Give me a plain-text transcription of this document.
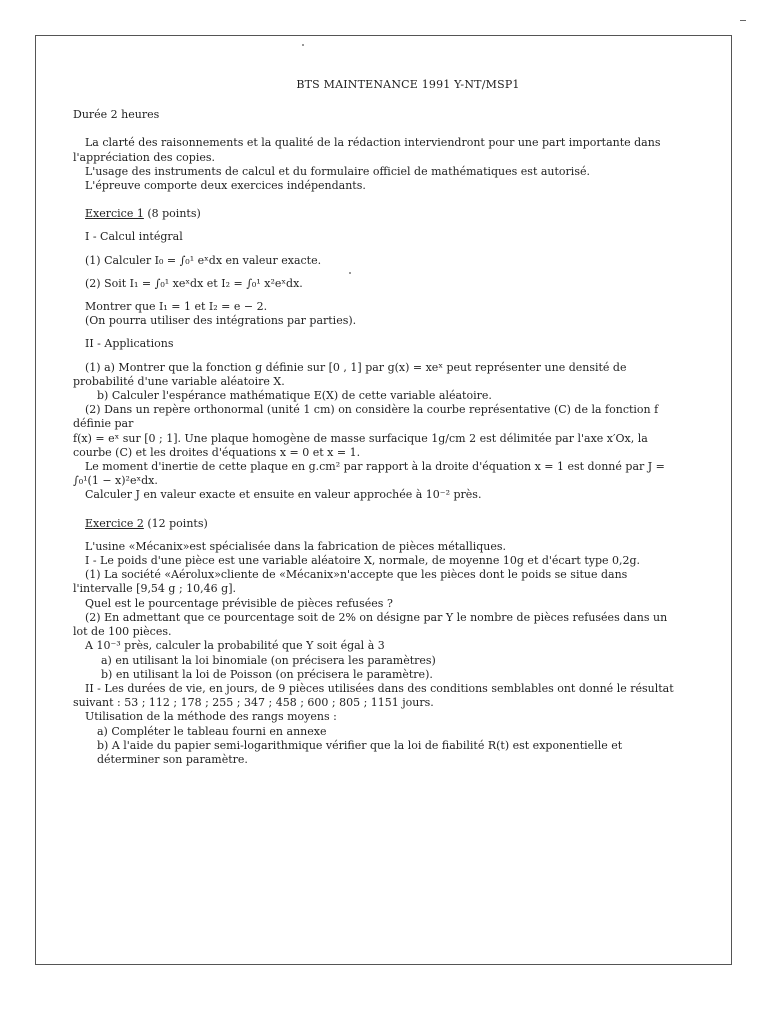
BTS MAINTENANCE 1991 Y-NT/MSP1

Durée 2 heures

La clarté des raisonnements et la qualité de la rédaction interviendront pour une part importante dans l'appréciation des copies.

L'usage des instruments de calcul et du formulaire officiel de mathématiques est autorisé.

L'épreuve comporte deux exercices indépendants.

Exercice 1 (8 points)

I - Calcul intégral

(1) Calculer I₀ = ∫₀¹ eˣdx en valeur exacte.

(2) Soit I₁ = ∫₀¹ xeˣdx et I₂ = ∫₀¹ x²eˣdx.

Montrer que I₁ = 1 et I₂ = e − 2.

(On pourra utiliser des intégrations par parties).

II - Applications

(1) a) Montrer que la fonction g définie sur [0 , 1] par g(x) = xeˣ peut représenter une densité de probabilité d'une variable aléatoire X.

b) Calculer l'espérance mathématique E(X) de cette variable aléatoire.

(2) Dans un repère orthonormal (unité 1 cm) on considère la courbe représentative (C) de la fonction f définie par

f(x) = eˣ sur [0 ; 1]. Une plaque homogène de masse surfacique 1g/cm 2 est délimitée par l'axe x′Ox, la courbe (C) et les droites d'équations x = 0 et x = 1.

Le moment d'inertie de cette plaque en g.cm² par rapport à la droite d'équation x = 1 est donné par J = ∫₀¹(1 − x)²eˣdx.

Calculer J en valeur exacte et ensuite en valeur approchée à 10⁻² près.

Exercice 2 (12 points)

L'usine «Mécanix»est spécialisée dans la fabrication de pièces métalliques.

I - Le poids d'une pièce est une variable aléatoire X, normale, de moyenne 10g et d'écart type 0,2g.

(1) La société «Aérolux»cliente de «Mécanix»n'accepte que les pièces dont le poids se situe dans l'intervalle [9,54 g ; 10,46 g].

Quel est le pourcentage prévisible de pièces refusées ?

(2) En admettant que ce pourcentage soit de 2% on désigne par Y le nombre de pièces refusées dans un lot de 100 pièces.

A 10⁻³ près, calculer la probabilité que Y soit égal à 3

a) en utilisant la loi binomiale (on précisera les paramètres)

b) en utilisant la loi de Poisson (on précisera le paramètre).

II - Les durées de vie, en jours, de 9 pièces utilisées dans des conditions semblables ont donné le résultat suivant : 53 ; 112 ; 178 ; 255 ; 347 ; 458 ; 600 ; 805 ; 1151 jours.

Utilisation de la méthode des rangs moyens :

a) Compléter le tableau fourni en annexe

b) A l'aide du papier semi-logarithmique vérifier que la loi de fiabilité R(t) est exponentielle et déterminer son paramètre.
